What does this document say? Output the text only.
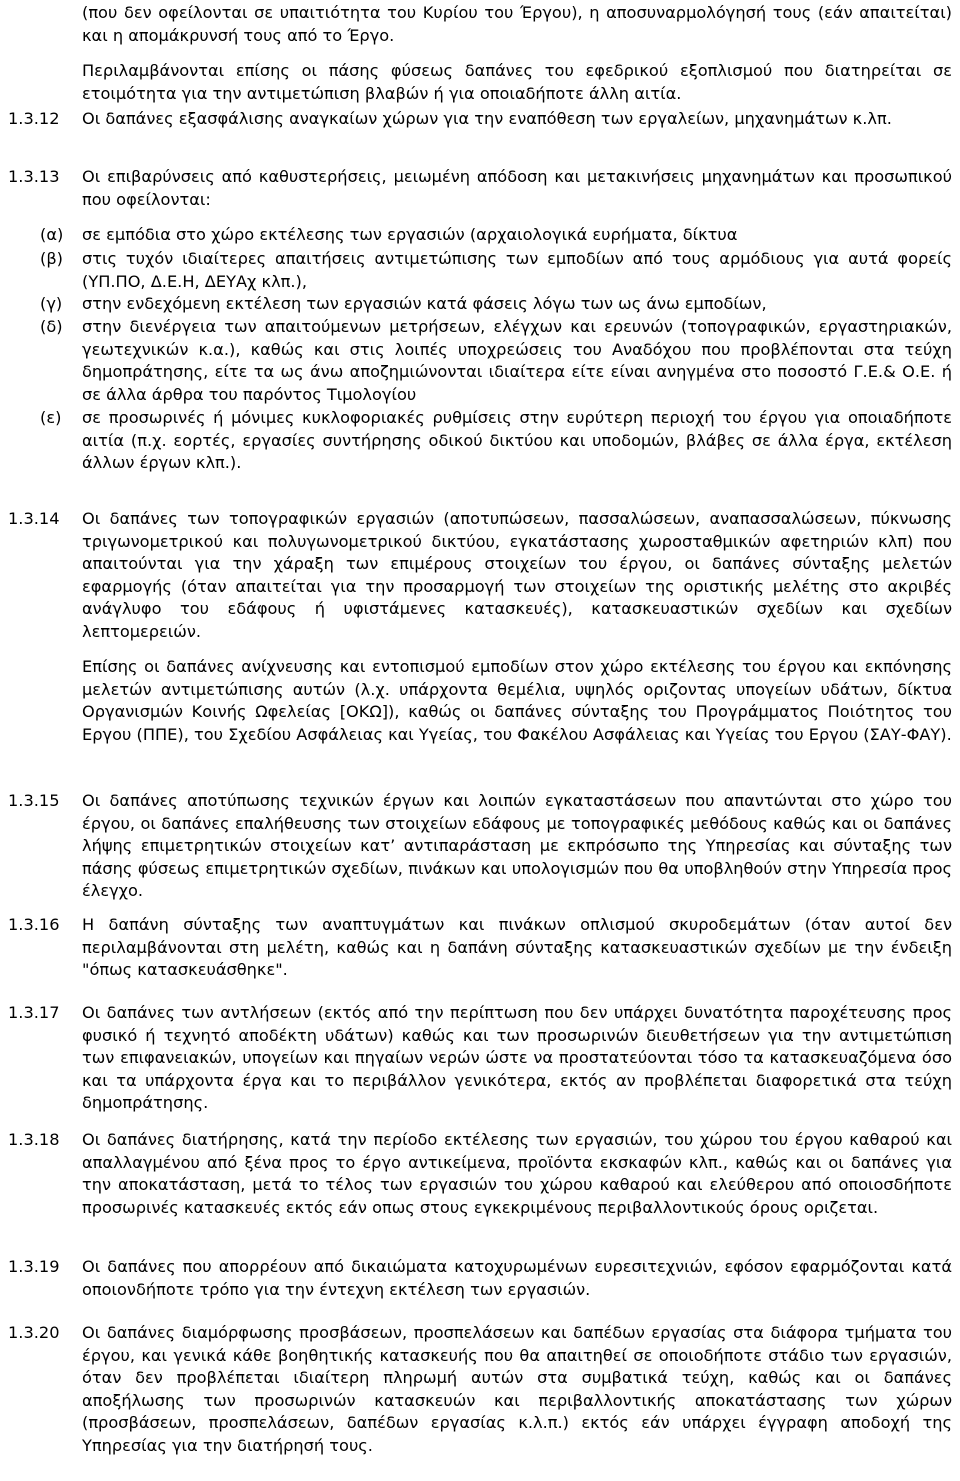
(που δεν οφείλονται σε υπαιτιότητα του Κυρίου του Έργου), η αποσυναρμολόγησή τους (εάν απαιτείται) και η απομάκρυνσή τους από το Έργο.
Περιλαμβάνονται επίσης οι πάσης φύσεως δαπάνες του εφεδρικού εξοπλισμού που διατηρείται σε ετοιμότητα για την αντιμετώπιση βλαβών ή για οποιαδήποτε άλλη αιτία.
1.3.12	Οι δαπάνες εξασφάλισης αναγκαίων χώρων για την εναπόθεση των εργαλείων, μηχανημάτων κ.λπ.
1.3.13	Οι επιβαρύνσεις από καθυστερήσεις, μειωμένη απόδοση και μετακινήσεις μηχανημάτων και προσωπικού που οφείλονται:
(α)	σε εμπόδια στο χώρο εκτέλεσης των εργασιών (αρχαιολογικά ευρήματα, δίκτυα
(β)	στις τυχόν ιδιαίτερες απαιτήσεις αντιμετώπισης των εμποδίων από τους αρμόδιους για αυτά φορείς (ΥΠ.ΠΟ, Δ.Ε.Η, ΔΕΥΑχ κλπ.),
(γ)	στην ενδεχόμενη εκτέλεση των εργασιών κατά φάσεις λόγω των ως άνω εμποδίων,
(δ)	στην διενέργεια των απαιτούμενων μετρήσεων, ελέγχων και ερευνών (τοπογραφικών, εργαστηριακών, γεωτεχνικών κ.α.), καθώς και στις λοιπές υποχρεώσεις του Αναδόχου που προβλέπονται στα τεύχη δημοπράτησης, είτε τα ως άνω αποζημιώνονται ιδιαίτερα είτε είναι ανηγμένα στο ποσοστό Γ.Ε.& Ο.Ε. ή σε άλλα άρθρα του παρόντος Τιμολογίου
(ε)	σε προσωρινές ή μόνιμες κυκλοφοριακές ρυθμίσεις στην ευρύτερη περιοχή του έργου για οποιαδήποτε αιτία (π.χ. εορτές, εργασίες συντήρησης οδικού δικτύου και υποδομών, βλάβες σε άλλα έργα, εκτέλεση άλλων έργων κλπ.).
1.3.14	Οι δαπάνες των τοπογραφικών εργασιών (αποτυπώσεων, πασσαλώσεων, αναπασσαλώσεων, πύκνωσης τριγωνομετρικού και πολυγωνομετρικού δικτύου, εγκατάστασης χωροσταθμικών αφετηριών κλπ) που απαιτούνται για την χάραξη των επιμέρους στοιχείων του έργου, οι δαπάνες σύνταξης μελετών εφαρμογής (όταν απαιτείται για την προσαρμογή των στοιχείων της οριστικής μελέτης στο ακριβές ανάγλυφο του εδάφους ή υφιστάμενες κατασκευές), κατασκευαστικών σχεδίων και σχεδίων λεπτομερειών.
Επίσης οι δαπάνες ανίχνευσης και εντοπισμού εμποδίων στον χώρο εκτέλεσης του έργου και εκπόνησης μελετών αντιμετώπισης αυτών (λ.χ. υπάρχοντα θεμέλια, υψηλός οριζοντας υπογείων υδάτων, δίκτυα Οργανισμών Κοινής Ωφελείας [ΟΚΩ]), καθώς οι δαπάνες σύνταξης του Προγράμματος Ποιότητος του Εργου (ΠΠΕ), του Σχεδίου Ασφάλειας και Υγείας, του Φακέλου Ασφάλειας και Υγείας του Εργου (ΣΑΥ-ΦΑΥ).
1.3.15	Οι δαπάνες αποτύπωσης τεχνικών έργων και λοιπών εγκαταστάσεων που απαντώνται στο χώρο του έργου, οι δαπάνες επαλήθευσης των στοιχείων εδάφους με τοπογραφικές μεθόδους καθώς και οι δαπάνες λήψης επιμετρητικών στοιχείων κατ’ αντιπαράσταση με εκπρόσωπο της Υπηρεσίας και σύνταξης των πάσης φύσεως επιμετρητικών σχεδίων, πινάκων και υπολογισμών που θα υποβληθούν στην Υπηρεσία προς έλεγχο.
1.3.16	Η δαπάνη σύνταξης των αναπτυγμάτων και πινάκων οπλισμού σκυροδεμάτων (όταν αυτοί δεν περιλαμβάνονται στη μελέτη, καθώς και η δαπάνη σύνταξης κατασκευαστικών σχεδίων με την ένδειξη "όπως κατασκευάσθηκε".
1.3.17	Οι δαπάνες των αντλήσεων (εκτός από την περίπτωση που δεν υπάρχει δυνατότητα παροχέτευσης προς φυσικό ή τεχνητό αποδέκτη υδάτων) καθώς και των προσωρινών διευθετήσεων για την αντιμετώπιση των επιφανειακών, υπογείων και πηγαίων νερών ώστε να προστατεύονται τόσο τα κατασκευαζόμενα όσο και τα υπάρχοντα έργα και το περιβάλλον γενικότερα, εκτός αν προβλέπεται διαφορετικά στα τεύχη δημοπράτησης.
1.3.18	Οι δαπάνες διατήρησης, κατά την περίοδο εκτέλεσης των εργασιών, του χώρου του έργου καθαρού και απαλλαγμένου από ξένα προς το έργο αντικείμενα, προϊόντα εκσκαφών κλπ., καθώς και οι δαπάνες για την αποκατάσταση, μετά το τέλος των εργασιών του χώρου καθαρού και ελεύθερου από οποιοσδήποτε προσωρινές κατασκευές εκτός εάν οπως στους εγκεκριμένους περιβαλλοντικούς όρους οριζεται.
1.3.19	Οι δαπάνες που απορρέουν από δικαιώματα κατοχυρωμένων ευρεσιτεχνιών, εφόσον εφαρμόζονται κατά οποιονδήποτε τρόπο για την έντεχνη εκτέλεση των εργασιών.
1.3.20	Οι δαπάνες διαμόρφωσης προσβάσεων, προσπελάσεων και δαπέδων εργασίας στα διάφορα τμήματα του έργου, και γενικά κάθε βοηθητικής κατασκευής που θα απαιτηθεί σε οποιοδήποτε στάδιο των εργασιών, όταν δεν προβλέπεται ιδιαίτερη πληρωμή αυτών στα συμβατικά τεύχη, καθώς και οι δαπάνες αποξήλωσης των προσωρινών κατασκευών και περιβαλλοντικής αποκατάστασης των χώρων (προσβάσεων, προσπελάσεων, δαπέδων εργασίας κ.λ.π.) εκτός εάν υπάρχει έγγραφη αποδοχή της Υπηρεσίας για την διατήρησή τους.
